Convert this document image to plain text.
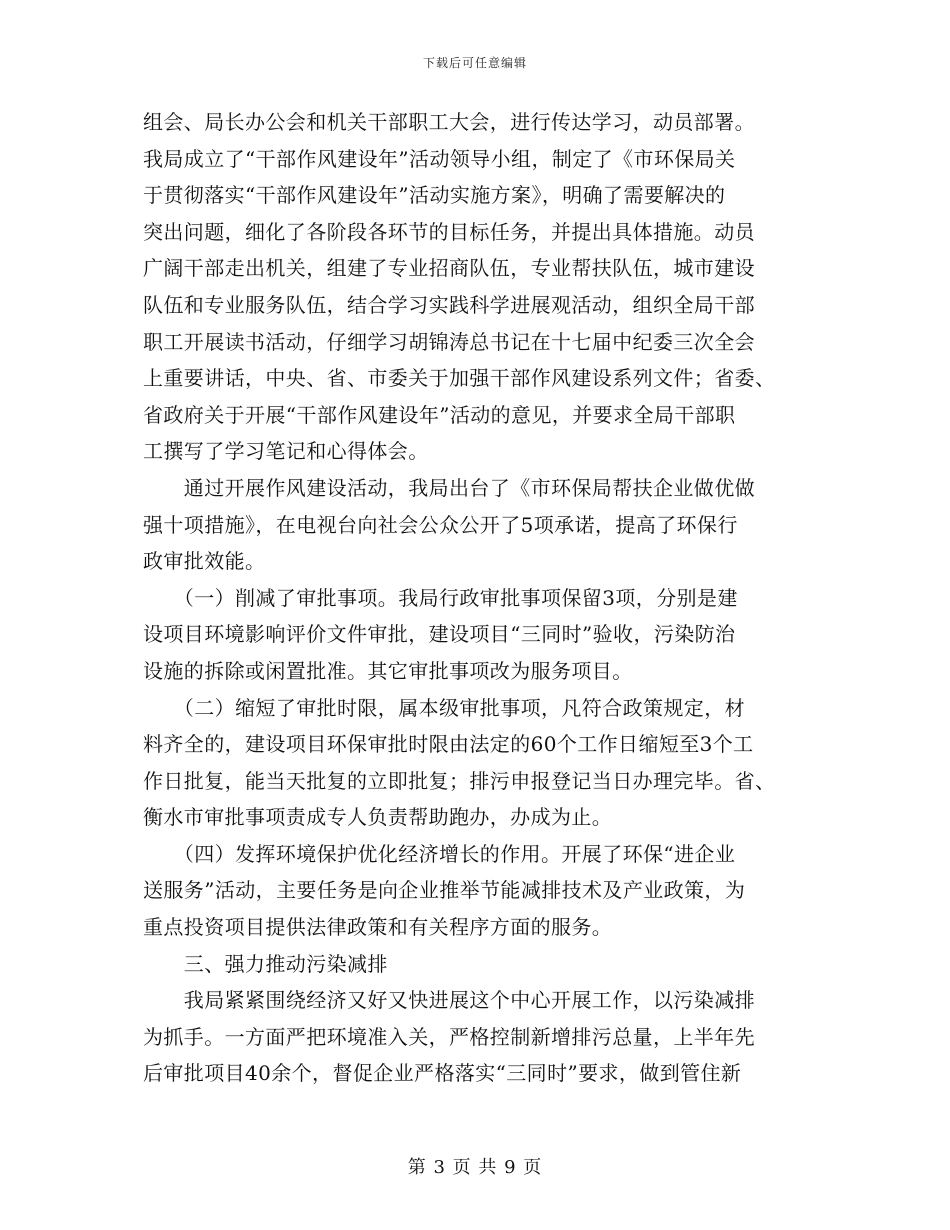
下载后可任意编辑
组会、局长办公会和机关干部职工大会，进行传达学习，动员部署。
我局成立了“干部作风建设年”活动领导小组，制定了《市环保局关
于贯彻落实“干部作风建设年”活动实施方案》，明确了需要解决的
突出问题，细化了各阶段各环节的目标任务，并提出具体措施。动员
广阔干部走出机关，组建了专业招商队伍，专业帮扶队伍，城市建设
队伍和专业服务队伍，结合学习实践科学进展观活动，组织全局干部
职工开展读书活动，仔细学习胡锦涛总书记在十七届中纪委三次全会
上重要讲话，中央、省、市委关于加强干部作风建设系列文件；省委、
省政府关于开展“干部作风建设年”活动的意见，并要求全局干部职
工撰写了学习笔记和心得体会。
　　通过开展作风建设活动，我局出台了《市环保局帮扶企业做优做
强十项措施》，在电视台向社会公众公开了5项承诺，提高了环保行
政审批效能。
　　（一）削减了审批事项。我局行政审批事项保留3项，分别是建
设项目环境影响评价文件审批，建设项目“三同时”验收，污染防治
设施的拆除或闲置批准。其它审批事项改为服务项目。
　　（二）缩短了审批时限，属本级审批事项，凡符合政策规定，材
料齐全的，建设项目环保审批时限由法定的60个工作日缩短至3个工
作日批复，能当天批复的立即批复；排污申报登记当日办理完毕。省、
衡水市审批事项责成专人负责帮助跑办，办成为止。
　　（四）发挥环境保护优化经济增长的作用。开展了环保“进企业
送服务”活动，主要任务是向企业推举节能减排技术及产业政策，为
重点投资项目提供法律政策和有关程序方面的服务。
　　三、强力推动污染减排
　　我局紧紧围绕经济又好又快进展这个中心开展工作，以污染减排
为抓手。一方面严把环境准入关，严格控制新增排污总量，上半年先
后审批项目40余个，督促企业严格落实“三同时”要求，做到管住新
第 3 页 共 9 页
